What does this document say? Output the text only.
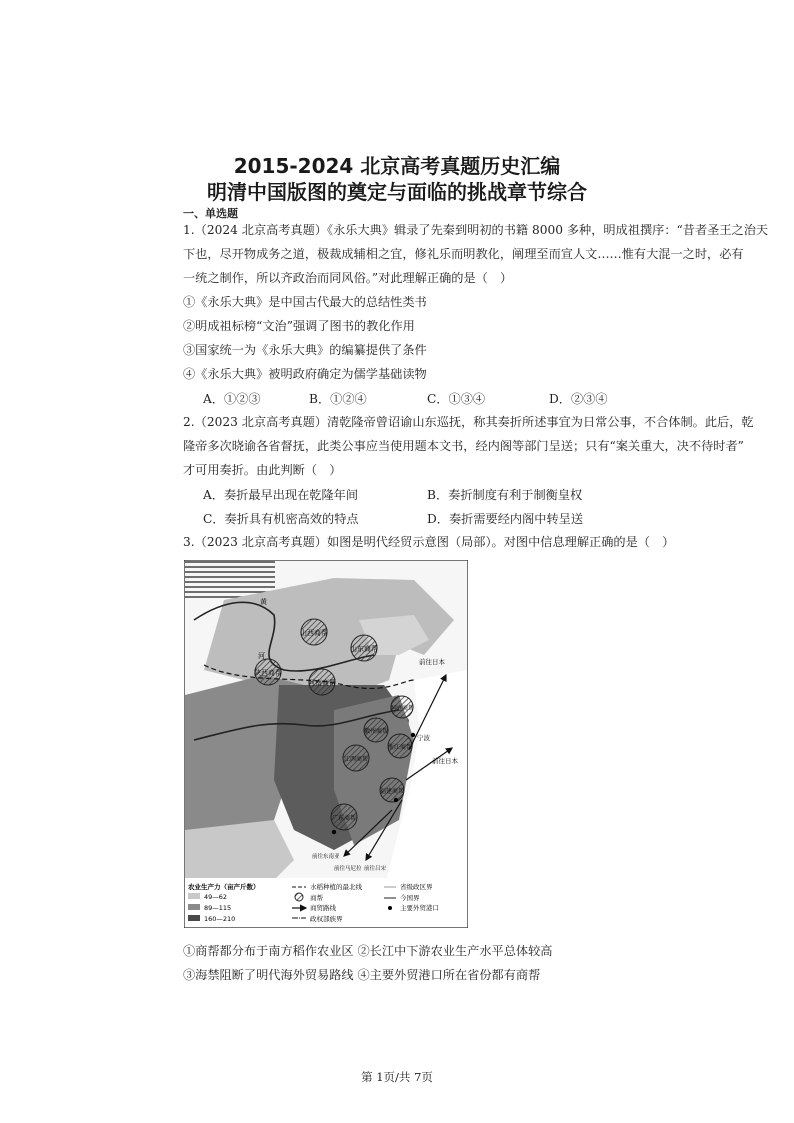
2015-2024 北京高考真题历史汇编
明清中国版图的奠定与面临的挑战章节综合
一、单选题
1.（2024 北京高考真题）《永乐大典》辑录了先秦到明初的书籍 8000 多种，明成祖撰序：“昔者圣王之治天
下也，尽开物成务之道，极裁成辅相之宜，修礼乐而明教化，阐理至而宣人文……惟有大混一之时，必有
一统之制作，所以齐政治而同风俗。”对此理解正确的是（　）
①《永乐大典》是中国古代最大的总结性类书
②明成祖标榜“文治”强调了图书的教化作用
③国家统一为《永乐大典》的编纂提供了条件
④《永乐大典》被明政府确定为儒学基础读物
A．①②③	B．①②④	C．①③④	D．②③④
2.（2023 北京高考真题）清乾隆帝曾诏谕山东巡抚，称其奏折所述事宜为日常公事，不合体制。此后，乾
隆帝多次晓谕各省督抚，此类公事应当使用题本文书，经内阁等部门呈送；只有“案关重大，决不待时者”
才可用奏折。由此判断（　）
A．奏折最早出现在乾隆年间	B．奏折制度有利于制衡皇权
C．奏折具有机密高效的特点	D．奏折需要经内阁中转呈送
3.（2023 北京高考真题）如图是明代经贸示意图（局部）。对图中信息理解正确的是（　）
山西商帮
陕西商帮
山东商帮
河南商帮
洞庭商帮
徽州商帮
浙江商帮
江西商帮
福建商帮
广东商帮
前往日本
前往日本
宁波
黄
河
前往东南亚
前往马尼拉 前往吕宋
农业生产力（亩产斤数）
49—62
89—115
160—210
水稻种植的最北线
商帮
商贸路线
政权部族界
省级政区界
今国界
主要外贸港口
①商帮都分布于南方稻作农业区 ②长江中下游农业生产水平总体较高
③海禁阻断了明代海外贸易路线 ④主要外贸港口所在省份都有商帮
第 1页/共 7页
